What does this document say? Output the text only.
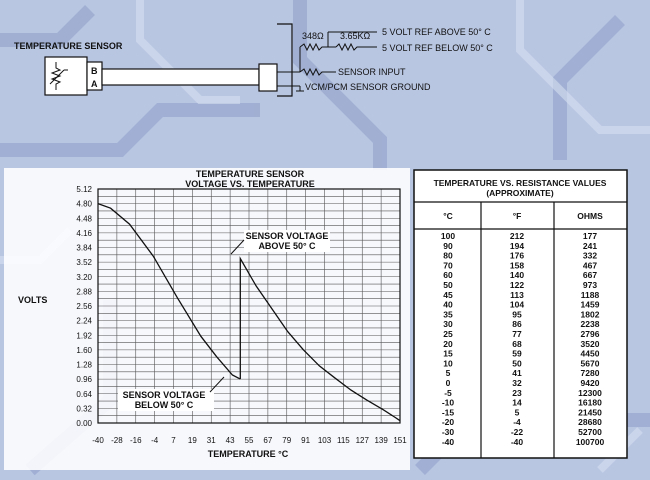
TEMPERATURE SENSOR
B
A
348Ω 3.65KΩ 5 VOLT REF ABOVE 50° C
5 VOLT REF BELOW 50° C
SENSOR INPUT
VCM/PCM SENSOR GROUND
TEMPERATURE SENSOR
VOLTAGE VS. TEMPERATURE
VOLTS
TEMPERATURE °C
0.00
0.32
0.64
0.96
1.28
1.60
1.92
2.24
2.56
2.88
3.20
3.52
3.84
4.16
4.48
4.80
5.12
-40 -28 -16 -4 7 19 31 43 55 67 79 91 103 115 127 139 151
SENSOR VOLTAGE
ABOVE 50° C
SENSOR VOLTAGE
BELOW 50° C
TEMPERATURE VS. RESISTANCE VALUES
(APPROXIMATE)
°C	°F	OHMS
100	212	177
90	194	241
80	176	332
70	158	467
60	140	667
50	122	973
45	113	1188
40	104	1459
35	95	1802
30	86	2238
25	77	2796
20	68	3520
15	59	4450
10	50	5670
5	41	7280
0	32	9420
-5	23	12300
-10	14	16180
-15	5	21450
-20	-4	28680
-30	-22	52700
-40	-40	100700
